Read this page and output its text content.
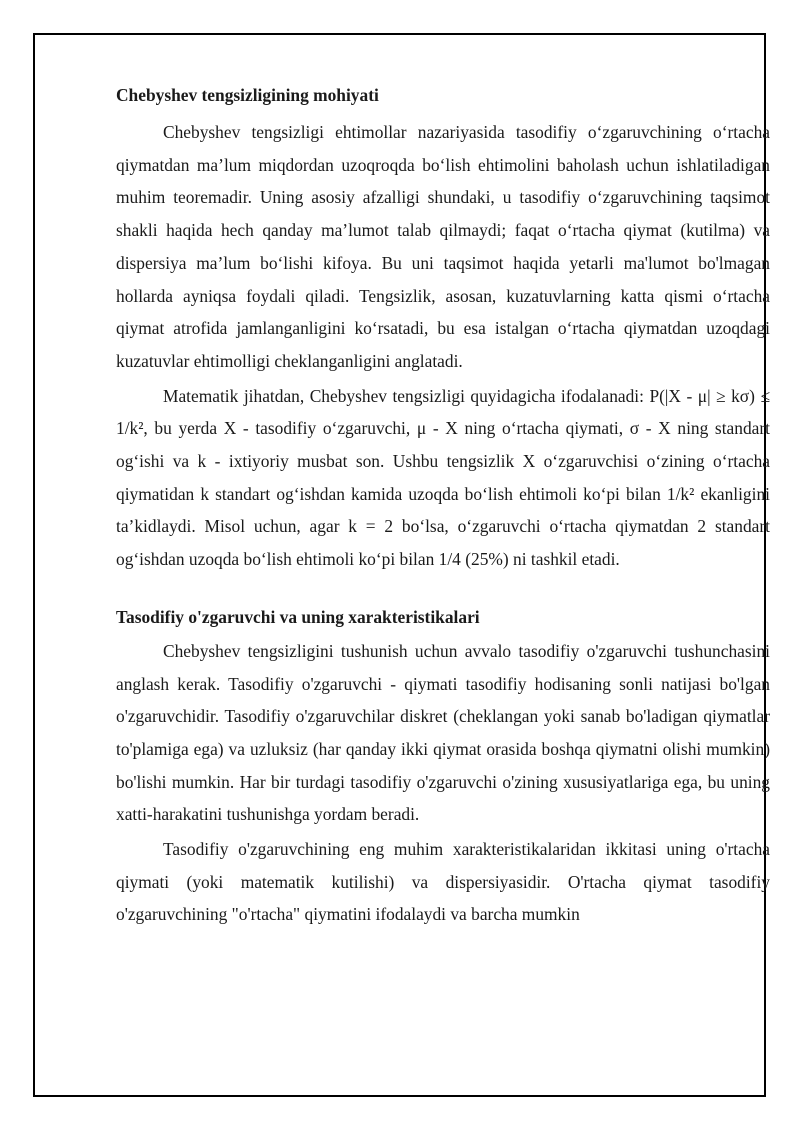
Chebyshev tengsizligining mohiyati

Chebyshev tengsizligi ehtimollar nazariyasida tasodifiy o‘zgaruvchining o‘rtacha qiymatdan ma’lum miqdordan uzoqroqda bo‘lish ehtimolini baholash uchun ishlatiladigan muhim teoremadir. Uning asosiy afzalligi shundaki, u tasodifiy o‘zgaruvchining taqsimot shakli haqida hech qanday ma’lumot talab qilmaydi; faqat o‘rtacha qiymat (kutilma) va dispersiya ma’lum bo‘lishi kifoya. Bu uni taqsimot haqida yetarli ma'lumot bo'lmagan hollarda ayniqsa foydali qiladi. Tengsizlik, asosan, kuzatuvlarning katta qismi o‘rtacha qiymat atrofida jamlanganligini ko‘rsatadi, bu esa istalgan o‘rtacha qiymatdan uzoqdagi kuzatuvlar ehtimolligi cheklanganligini anglatadi.

Matematik jihatdan, Chebyshev tengsizligi quyidagicha ifodalanadi: P(|X - μ| ≥ kσ) ≤ 1/k², bu yerda X - tasodifiy o‘zgaruvchi, μ - X ning o‘rtacha qiymati, σ - X ning standart og‘ishi va k - ixtiyoriy musbat son. Ushbu tengsizlik X o‘zgaruvchisi o‘zining o‘rtacha qiymatidan k standart og‘ishdan kamida uzoqda bo‘lish ehtimoli ko‘pi bilan 1/k² ekanligini ta’kidlaydi. Misol uchun, agar k = 2 bo‘lsa, o‘zgaruvchi o‘rtacha qiymatdan 2 standart og‘ishdan uzoqda bo‘lish ehtimoli ko‘pi bilan 1/4 (25%) ni tashkil etadi.

Tasodifiy o'zgaruvchi va uning xarakteristikalari

Chebyshev tengsizligini tushunish uchun avvalo tasodifiy o'zgaruvchi tushunchasini anglash kerak. Tasodifiy o'zgaruvchi - qiymati tasodifiy hodisaning sonli natijasi bo'lgan o'zgaruvchidir. Tasodifiy o'zgaruvchilar diskret (cheklangan yoki sanab bo'ladigan qiymatlar to'plamiga ega) va uzluksiz (har qanday ikki qiymat orasida boshqa qiymatni olishi mumkin) bo'lishi mumkin. Har bir turdagi tasodifiy o'zgaruvchi o'zining xususiyatlariga ega, bu uning xatti-harakatini tushunishga yordam beradi.

Tasodifiy o'zgaruvchining eng muhim xarakteristikalaridan ikkitasi uning o'rtacha qiymati (yoki matematik kutilishi) va dispersiyasidir. O'rtacha qiymat tasodifiy o'zgaruvchining "o'rtacha" qiymatini ifodalaydi va barcha mumkin
